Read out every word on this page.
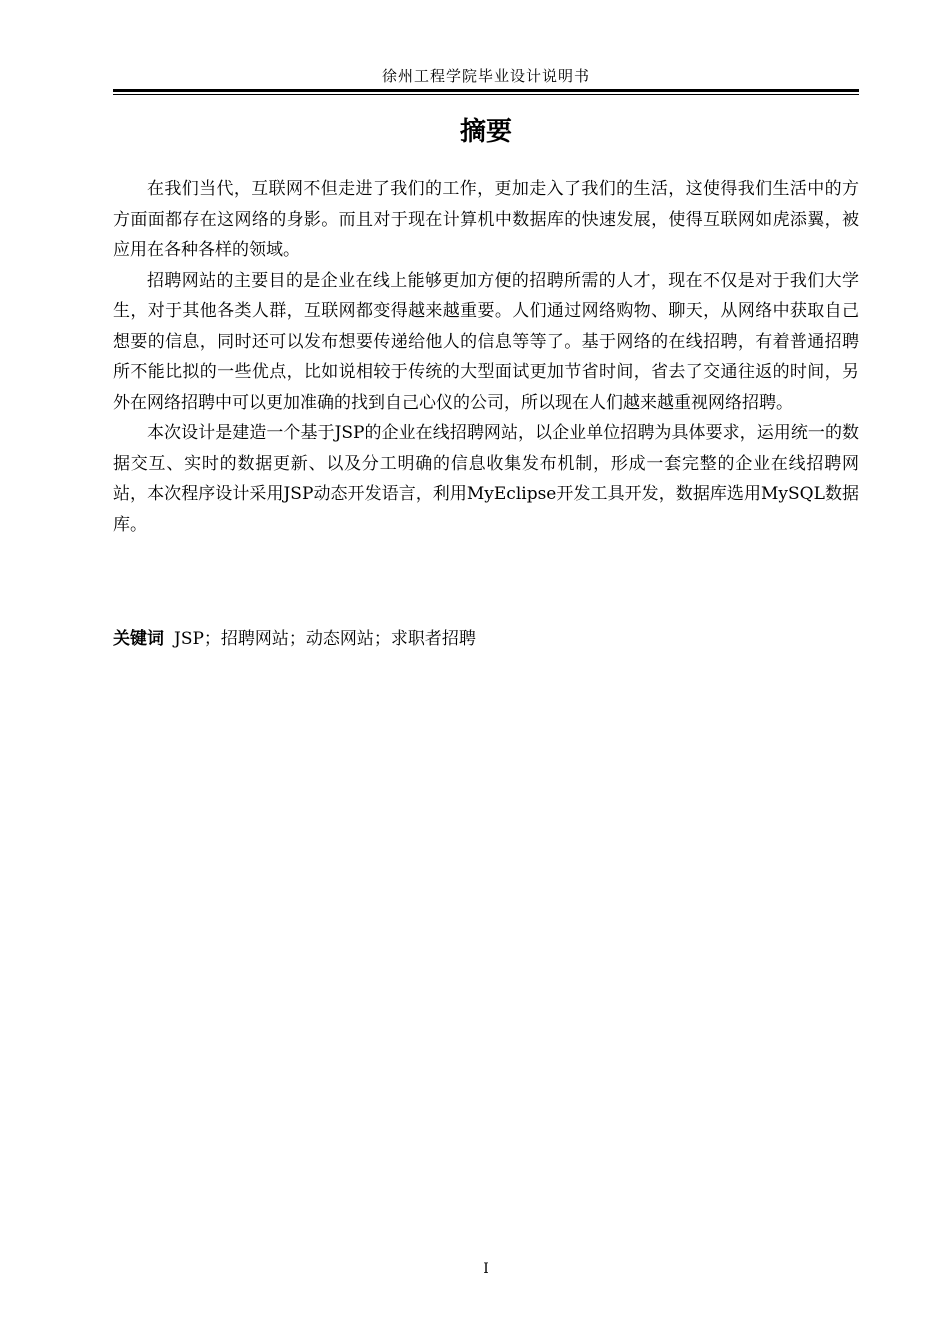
徐州工程学院毕业设计说明书
摘要

在我们当代，互联网不但走进了我们的工作，更加走入了我们的生活，这使得我们生活中的方方面面都存在这网络的身影。而且对于现在计算机中数据库的快速发展，使得互联网如虎添翼，被应用在各种各样的领域。

招聘网站的主要目的是企业在线上能够更加方便的招聘所需的人才，现在不仅是对于我们大学生，对于其他各类人群，互联网都变得越来越重要。人们通过网络购物、聊天，从网络中获取自己想要的信息，同时还可以发布想要传递给他人的信息等等了。基于网络的在线招聘，有着普通招聘所不能比拟的一些优点，比如说相较于传统的大型面试更加节省时间，省去了交通往返的时间，另外在网络招聘中可以更加准确的找到自己心仪的公司，所以现在人们越来越重视网络招聘。

本次设计是建造一个基于JSP的企业在线招聘网站，以企业单位招聘为具体要求，运用统一的数据交互、实时的数据更新、以及分工明确的信息收集发布机制，形成一套完整的企业在线招聘网站，本次程序设计采用JSP动态开发语言，利用MyEclipse开发工具开发，数据库选用MySQL数据库。

关键词 JSP；招聘网站；动态网站；求职者招聘
I
